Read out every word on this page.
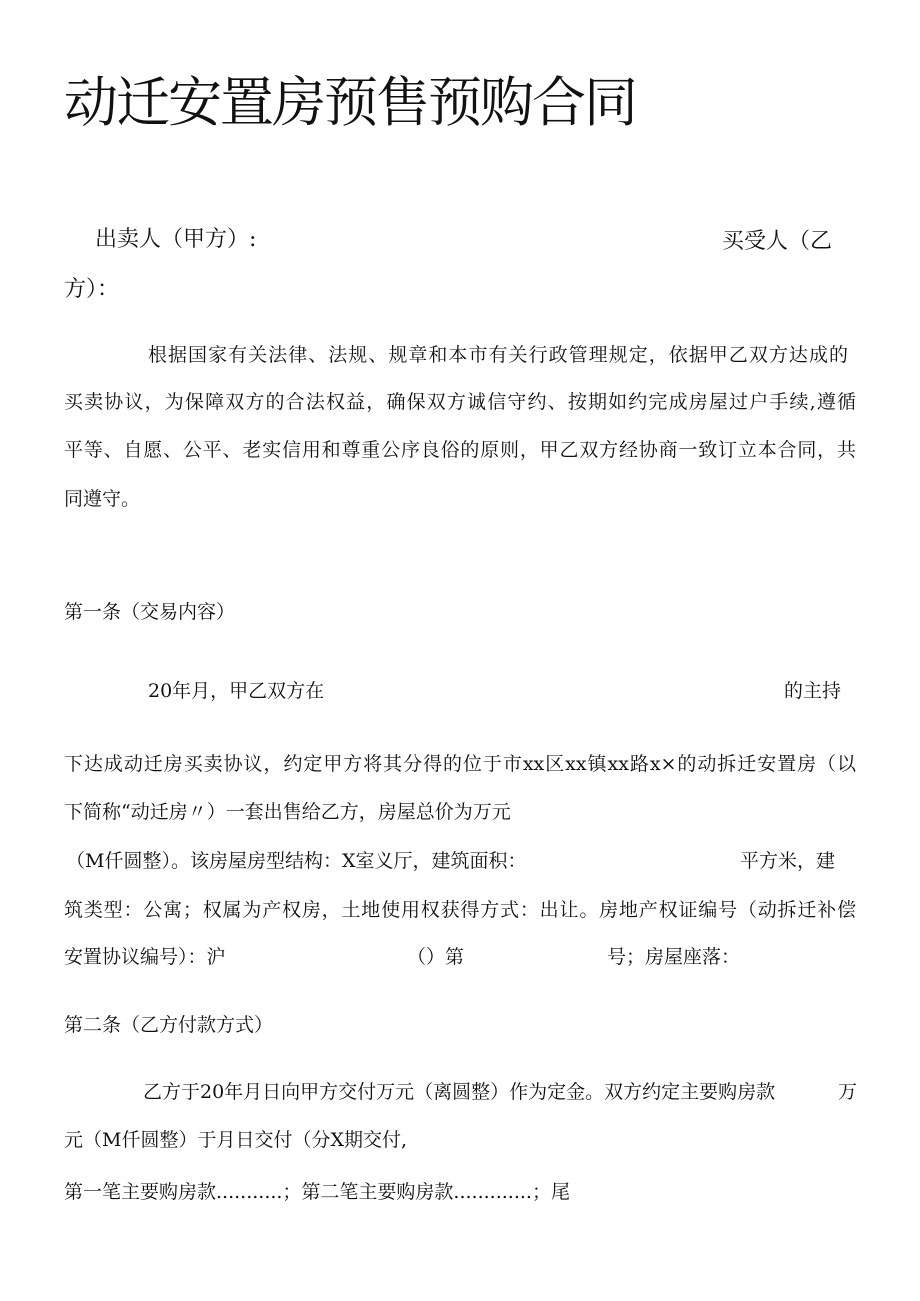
动迁安置房预售预购合同

出卖人（甲方）:	买受人（乙

方）：

根据国家有关法律、法规、规章和本市有关行政管理规定，依据甲乙双方达成的

买卖协议，为保障双方的合法权益，确保双方诚信守约、按期如约完成房屋过户手续,遵循

平等、自愿、公平、老实信用和尊重公序良俗的原则，甲乙双方经协商一致订立本合同，共

同遵守。

第一条（交易内容）

20年月，甲乙双方在	的主持

下达成动迁房买卖协议，约定甲方将其分得的位于市xx区xx镇xx路x×的动拆迁安置房（以

下简称“动迁房〃）一套出售给乙方，房屋总价为万元

（M仟圆整）。该房屋房型结构：X室义厅，建筑面积：	平方米，建

筑类型：公寓；权属为产权房，土地使用权获得方式：出让。房地产权证编号（动拆迁补偿

安置协议编号）：沪	（）第	号；房屋座落：

第二条（乙方付款方式）

乙方于20年月日向甲方交付万元（离圆整）作为定金。双方约定主要购房款	万

元（M仟圆整）于月日交付（分X期交付,

第一笔主要购房款...........；第二笔主要购房款.............；尾
